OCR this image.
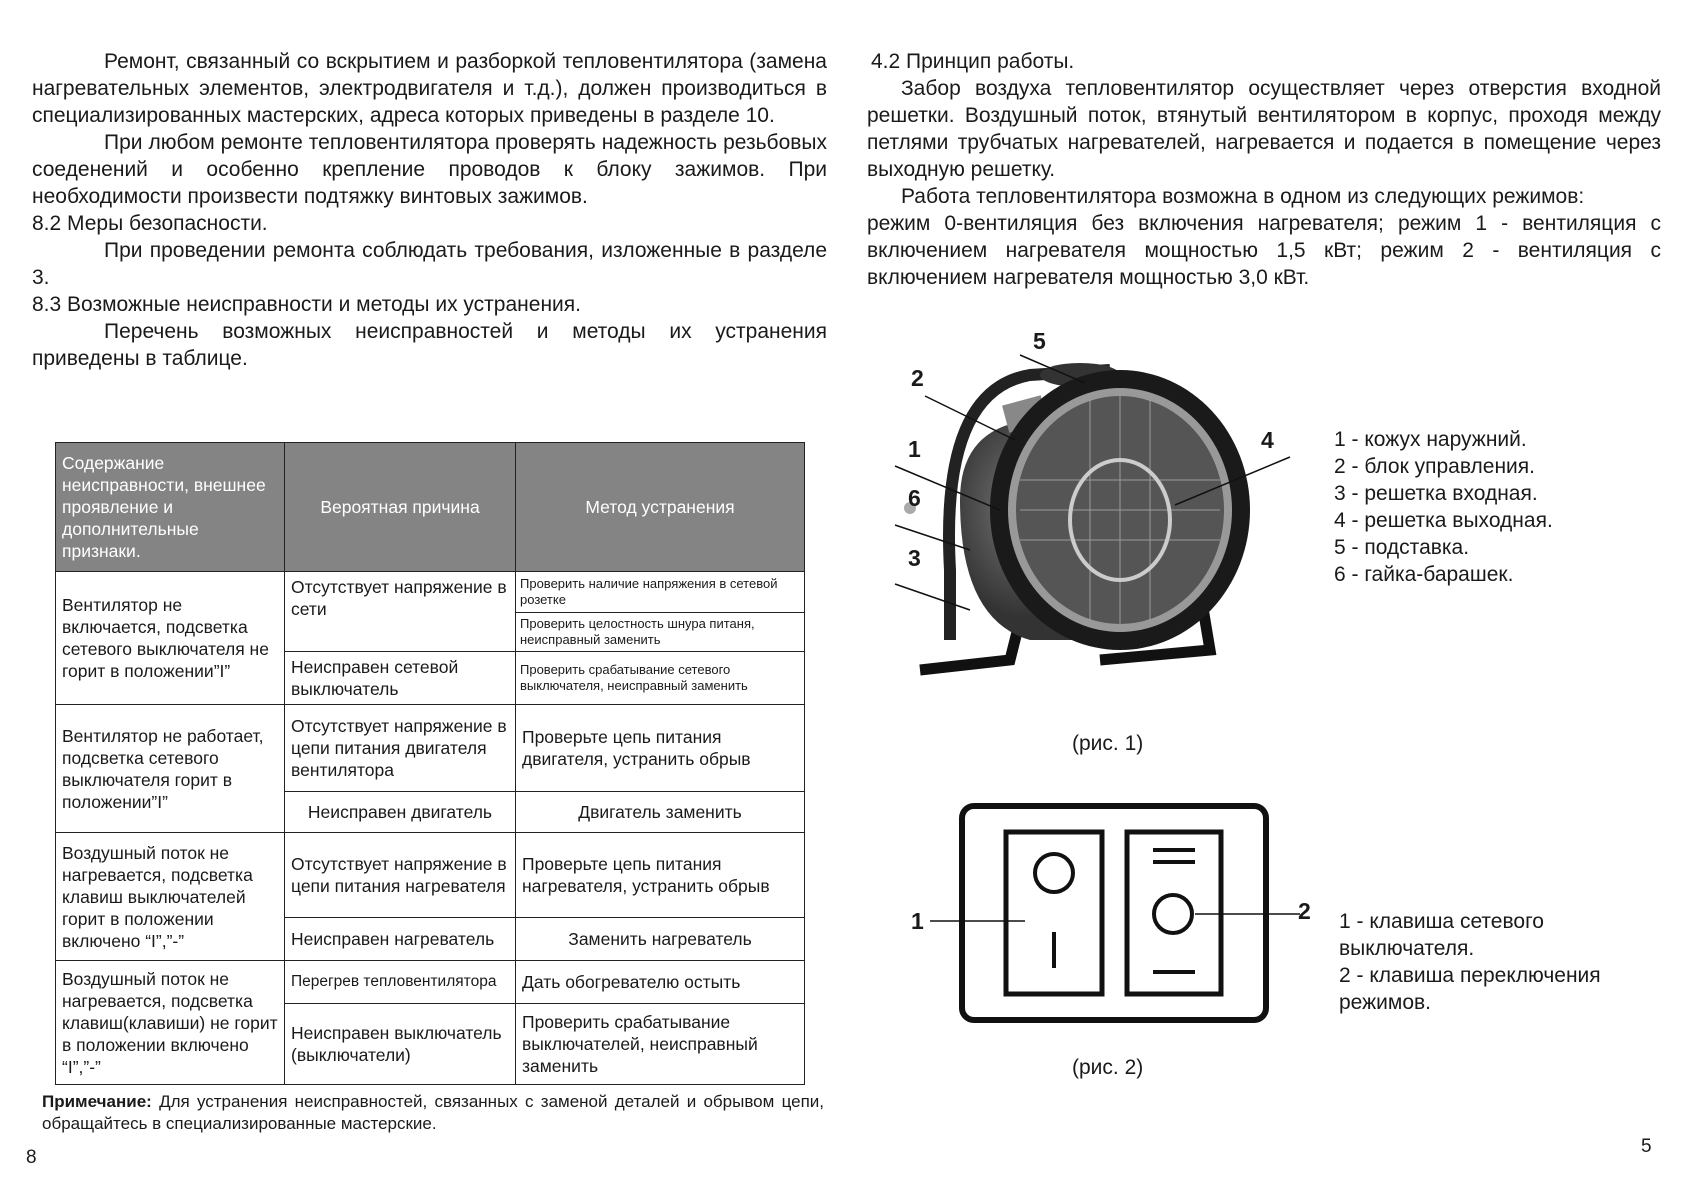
Ремонт, связанный со вскрытием и разборкой тепловентилятора (замена нагревательных элементов, электродвигателя и т.д.), должен производиться в специализированных мастерских, адреса которых приведены в разделе 10.

При любом ремонте тепловентилятора проверять надежность резьбовых соеденений и особенно крепление проводов к блоку зажимов. При необходимости произвести подтяжку винтовых зажимов.

8.2 Меры безопасности.

При проведении ремонта соблюдать требования, изложенные в разделе 3.

8.3 Возможные неисправности и методы их устранения.

Перечень возможных неисправностей и методы их устранения приведены в таблице.

Содержание неисправности, внешнее проявление и дополнительные признаки.	Вероятная причина	Метод устранения
Вентилятор не включается, подсветка сетевого выключателя не горит в положении”I”	Отсутствует напряжение в сети	Проверить наличие напряжения в сетевой розетке
		Проверить целостность шнура питаня, неисправный заменить
	Неисправен сетевой выключатель	Проверить срабатывание сетевого выключателя, неисправный заменить
Вентилятор не работает, подсветка сетевого выключателя горит в положении”I”	Отсутствует напряжение в цепи питания двигателя вентилятора	Проверьте цепь питания двигателя, устранить обрыв
	Неисправен двигатель	Двигатель заменить
Воздушный поток не нагревается, подсветка клавиш выключателей горит в положении включено “I”,”-”	Отсутствует напряжение в цепи питания нагревателя	Проверьте цепь питания нагревателя, устранить обрыв
	Неисправен нагреватель	Заменить нагреватель
Воздушный поток не нагревается, подсветка клавиш(клавиши) не горит в положении включено “I”,”-”	Перегрев тепловентилятора	Дать обогревателю остыть
	Неисправен выключатель (выключатели)	Проверить срабатывание выключателей, неисправный заменить
Примечание: Для устранения неисправностей, связанных с заменой деталей и обрывом цепи, обращайтесь в специализированные мастерские.
8

4.2 Принцип работы.

Забор воздуха тепловентилятор осуществляет через отверстия входной решетки. Воздушный поток, втянутый вентилятором в корпус, проходя между петлями трубчатых нагревателей, нагревается и подается в помещение через выходную решетку.

Работа тепловентилятора возможна в одном из следующих режимов:

режим 0-вентиляция без включения нагревателя; режим 1 - вентиляция с включением нагревателя мощностью 1,5 кВт; режим 2 - вентиляция с включением нагревателя мощностью 3,0 кВт.

5
2
1
6
3
4	1 - кожух наружний.
2 - блок управления.
3 - решетка входная.
4 - решетка выходная.
5 - подставка.
6 - гайка-барашек.
(рис. 1)
1	2 1 - клавиша сетевого выключателя.
2 - клавиша переключения режимов.
(рис. 2)
5
